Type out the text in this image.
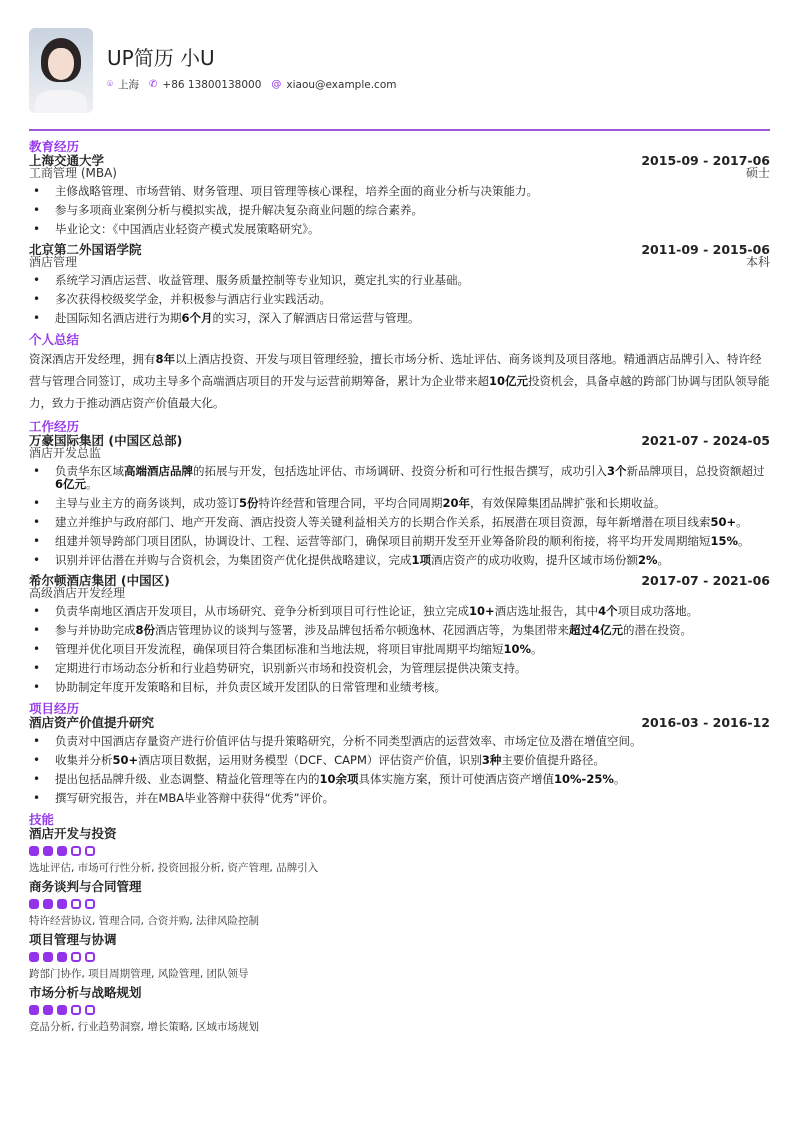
UP简历 小U
⌾ 上海 ✆ +86 13800138000 @ xiaou@example.com
教育经历
上海交通大学	2015-09 - 2017-06
工商管理 (MBA)	硕士
• 主修战略管理、市场营销、财务管理、项目管理等核心课程，培养全面的商业分析与决策能力。
• 参与多项商业案例分析与模拟实战，提升解决复杂商业问题的综合素养。
• 毕业论文：《中国酒店业轻资产模式发展策略研究》。
北京第二外国语学院	2011-09 - 2015-06
酒店管理	本科
• 系统学习酒店运营、收益管理、服务质量控制等专业知识，奠定扎实的行业基础。
• 多次获得校级奖学金，并积极参与酒店行业实践活动。
• 赴国际知名酒店进行为期6个月的实习，深入了解酒店日常运营与管理。
个人总结
资深酒店开发经理，拥有8年以上酒店投资、开发与项目管理经验，擅长市场分析、选址评估、商务谈判及项目落地。精通酒店品牌引入、特许经营与管理合同签订，成功主导多个高端酒店项目的开发与运营前期筹备，累计为企业带来超10亿元投资机会，具备卓越的跨部门协调与团队领导能力，致力于推动酒店资产价值最大化。
工作经历
万豪国际集团 (中国区总部)	2021-07 - 2024-05
酒店开发总监
• 负责华东区域高端酒店品牌的拓展与开发，包括选址评估、市场调研、投资分析和可行性报告撰写，成功引入3个新品牌项目，总投资额超过6亿元。
• 主导与业主方的商务谈判，成功签订5份特许经营和管理合同，平均合同周期20年，有效保障集团品牌扩张和长期收益。
• 建立并维护与政府部门、地产开发商、酒店投资人等关键利益相关方的长期合作关系，拓展潜在项目资源，每年新增潜在项目线索50+。
• 组建并领导跨部门项目团队，协调设计、工程、运营等部门，确保项目前期开发至开业筹备阶段的顺利衔接，将平均开发周期缩短15%。
• 识别并评估潜在并购与合资机会，为集团资产优化提供战略建议，完成1项酒店资产的成功收购，提升区域市场份额2%。
希尔顿酒店集团 (中国区)	2017-07 - 2021-06
高级酒店开发经理
• 负责华南地区酒店开发项目，从市场研究、竞争分析到项目可行性论证，独立完成10+酒店选址报告，其中4个项目成功落地。
• 参与并协助完成8份酒店管理协议的谈判与签署，涉及品牌包括希尔顿逸林、花园酒店等，为集团带来超过4亿元的潜在投资。
• 管理并优化项目开发流程，确保项目符合集团标准和当地法规，将项目审批周期平均缩短10%。
• 定期进行市场动态分析和行业趋势研究，识别新兴市场和投资机会，为管理层提供决策支持。
• 协助制定年度开发策略和目标，并负责区域开发团队的日常管理和业绩考核。
项目经历
酒店资产价值提升研究	2016-03 - 2016-12
• 负责对中国酒店存量资产进行价值评估与提升策略研究，分析不同类型酒店的运营效率、市场定位及潜在增值空间。
• 收集并分析50+酒店项目数据，运用财务模型（DCF、CAPM）评估资产价值，识别3种主要价值提升路径。
• 提出包括品牌升级、业态调整、精益化管理等在内的10余项具体实施方案，预计可使酒店资产增值10%-25%。
• 撰写研究报告，并在MBA毕业答辩中获得“优秀”评价。
技能
酒店开发与投资
选址评估, 市场可行性分析, 投资回报分析, 资产管理, 品牌引入
商务谈判与合同管理
特许经营协议, 管理合同, 合资并购, 法律风险控制
项目管理与协调
跨部门协作, 项目周期管理, 风险管理, 团队领导
市场分析与战略规划
竞品分析, 行业趋势洞察, 增长策略, 区域市场规划
